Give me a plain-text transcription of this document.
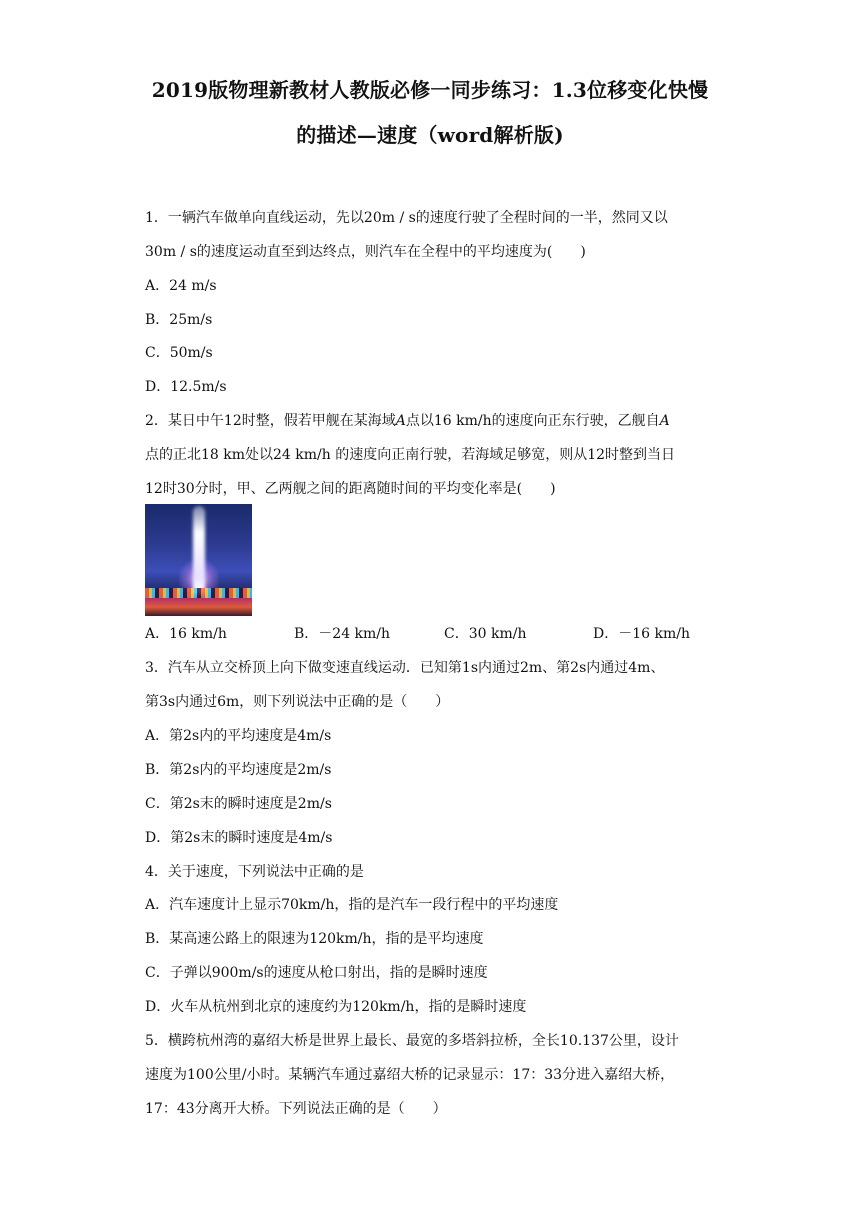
2019版物理新教材人教版必修一同步练习：1.3位移变化快慢
的描述—速度（word解析版)
1．一辆汽车做单向直线运动，先以20m / s的速度行驶了全程时间的一半，然同又以
30m / s的速度运动直至到达终点，则汽车在全程中的平均速度为(　　)
A．24 m/s
B．25m/s
C．50m/s
D．12.5m/s
2．某日中午12时整，假若甲舰在某海域A点以16 km/h的速度向正东行驶，乙舰自A
点的正北18 km处以24 km/h 的速度向正南行驶，若海域足够宽，则从12时整到当日
12时30分时，甲、乙两舰之间的距离随时间的平均变化率是(　　)
A．16 km/h	B．－24 km/h	C．30 km/h	D．－16 km/h
3．汽车从立交桥顶上向下做变速直线运动．已知第1s内通过2m、第2s内通过4m、
第3s内通过6m，则下列说法中正确的是（　　）
A．第2s内的平均速度是4m/s
B．第2s内的平均速度是2m/s
C．第2s末的瞬时速度是2m/s
D．第2s末的瞬时速度是4m/s
4．关于速度，下列说法中正确的是
A．汽车速度计上显示70km/h，指的是汽车一段行程中的平均速度
B．某高速公路上的限速为120km/h，指的是平均速度
C．子弹以900m/s的速度从枪口射出，指的是瞬时速度
D．火车从杭州到北京的速度约为120km/h，指的是瞬时速度
5．横跨杭州湾的嘉绍大桥是世界上最长、最宽的多塔斜拉桥，全长10.137公里，设计
速度为100公里/小时。某辆汽车通过嘉绍大桥的记录显示：17：33分进入嘉绍大桥，
17：43分离开大桥。下列说法正确的是（　　）
